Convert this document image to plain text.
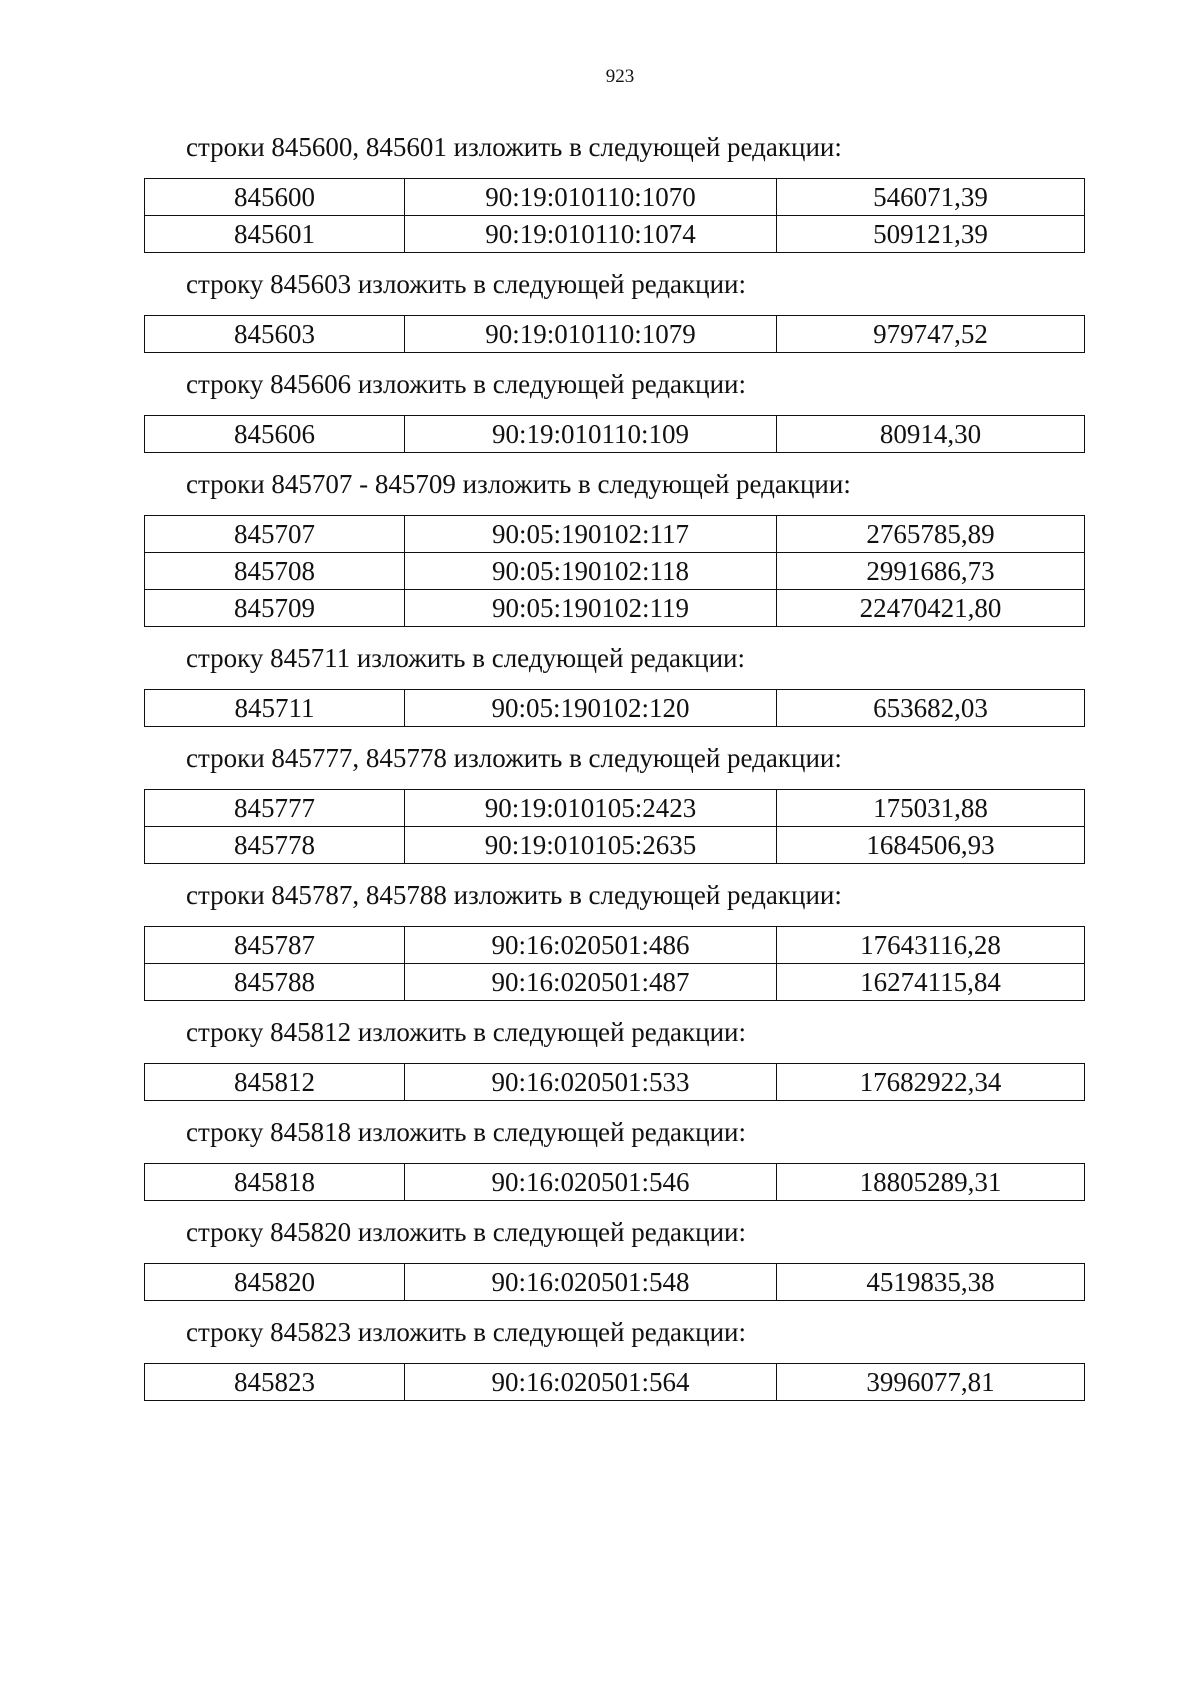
923
строки 845600, 845601 изложить в следующей редакции:
845600	90:19:010110:1070	546071,39
845601	90:19:010110:1074	509121,39
строку 845603 изложить в следующей редакции:
845603	90:19:010110:1079	979747,52
строку 845606 изложить в следующей редакции:
845606	90:19:010110:109	80914,30
строки 845707 - 845709 изложить в следующей редакции:
845707	90:05:190102:117	2765785,89
845708	90:05:190102:118	2991686,73
845709	90:05:190102:119	22470421,80
строку 845711 изложить в следующей редакции:
845711	90:05:190102:120	653682,03
строки 845777, 845778 изложить в следующей редакции:
845777	90:19:010105:2423	175031,88
845778	90:19:010105:2635	1684506,93
строки 845787, 845788 изложить в следующей редакции:
845787	90:16:020501:486	17643116,28
845788	90:16:020501:487	16274115,84
строку 845812 изложить в следующей редакции:
845812	90:16:020501:533	17682922,34
строку 845818 изложить в следующей редакции:
845818	90:16:020501:546	18805289,31
строку 845820 изложить в следующей редакции:
845820	90:16:020501:548	4519835,38
строку 845823 изложить в следующей редакции:
845823	90:16:020501:564	3996077,81
